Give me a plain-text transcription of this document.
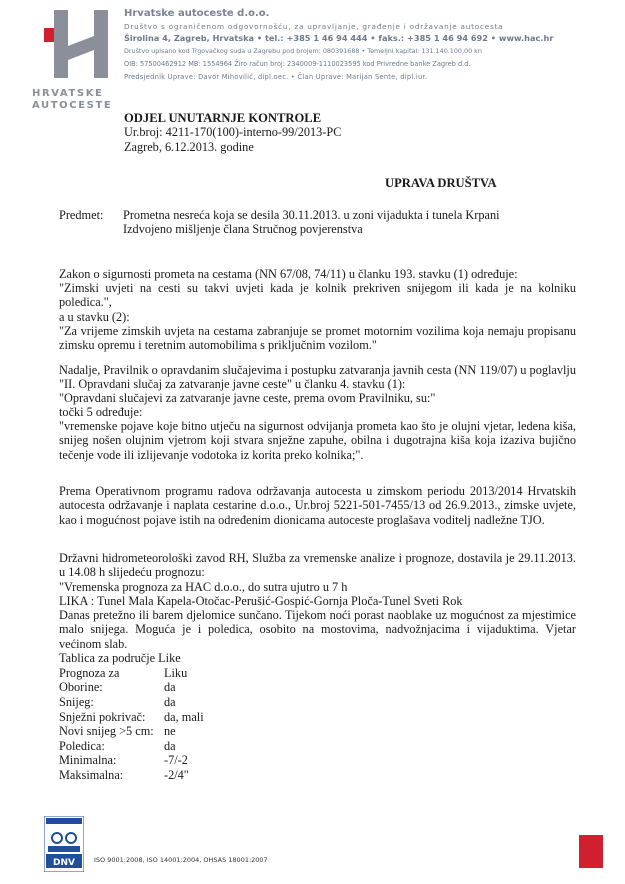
HRVATSKE
AUTOCESTE
Hrvatske autoceste d.o.o.
Društvo s ograničenom odgovornošću, za upravljanje, građenje i održavanje autocesta
Širolina 4, Zagreb, Hrvatska • tel.: +385 1 46 94 444 • faks.: +385 1 46 94 692 • www.hac.hr
Društvo upisano kod Trgovačkog suda u Zagrebu pod brojem: 080391688 • Temeljni kapital: 131.140.100,00 kn
OIB: 57500462912 MB: 1554964 Žiro račun broj: 2340009-1110023595 kod Privredne banke Zagreb d.d.
Predsjednik Uprave: Davor Mihovilić, dipl.oec. • Član Uprave: Marijan Sente, dipl.iur.
ODJEL UNUTARNJE KONTROLE
Ur.broj: 4211-170(100)-interno-99/2013-PC
Zagreb, 6.12.2013. godine
UPRAVA DRUŠTVA
Predmet: Prometna nesreća koja se desila 30.11.2013. u zoni vijadukta i tunela Krpani
Izdvojeno mišljenje člana Stručnog povjerenstva
Zakon o sigurnosti prometa na cestama (NN 67/08, 74/11) u članku 193. stavku (1) određuje:
"Zimski uvjeti na cesti su takvi uvjeti kada je kolnik prekriven snijegom ili kada je na kolniku poledica.",
a u stavku (2):
"Za vrijeme zimskih uvjeta na cestama zabranjuje se promet motornim vozilima koja nemaju propisanu zimsku opremu i teretnim automobilima s priključnim vozilom."
Nadalje, Pravilnik o opravdanim slučajevima i postupku zatvaranja javnih cesta (NN 119/07) u poglavlju "II. Opravdani slučaj za zatvaranje javne ceste" u članku 4. stavku (1):
"Opravdani slučajevi za zatvaranje javne ceste, prema ovom Pravilniku, su:"
točki 5 određuje:
"vremenske pojave koje bitno utječu na sigurnost odvijanja prometa kao što je olujni vjetar, ledena kiša, snijeg nošen olujnim vjetrom koji stvara snježne zapuhe, obilna i dugotrajna kiša koja izaziva bujično tečenje vode ili izlijevanje vodotoka iz korita preko kolnika;".
Prema Operativnom programu radova održavanja autocesta u zimskom periodu 2013/2014 Hrvatskih autocesta održavanje i naplata cestarine d.o.o., Ur.broj 5221-501-7455/13 od 26.9.2013., zimske uvjete, kao i mogućnost pojave istih na određenim dionicama autoceste proglašava voditelj nadležne TJO.
Državni hidrometeorološki zavod RH, Služba za vremenske analize i prognoze, dostavila je 29.11.2013. u 14.08 h slijedeću prognozu:
"Vremenska prognoza za HAC d.o.o., do sutra ujutro u 7 h
LIKA : Tunel Mala Kapela-Otočac-Perušić-Gospić-Gornja Ploča-Tunel Sveti Rok
Danas pretežno ili barem djelomice sunčano. Tijekom noći porast naoblake uz mogućnost za mjestimice malo snijega. Moguća je i poledica, osobito na mostovima, nadvožnjacima i vijaduktima. Vjetar većinom slab.
Tablica za područje Like
Prognoza za	Liku
Oborine:	da
Snijeg:	da
Snježni pokrivač:	da, mali
Novi snijeg >5 cm: ne
Poledica:	da
Minimalna:	-7/-2
Maksimalna:	-2/4"
DNV	ISO 9001:2008, ISO 14001:2004, OHSAS 18001:2007
